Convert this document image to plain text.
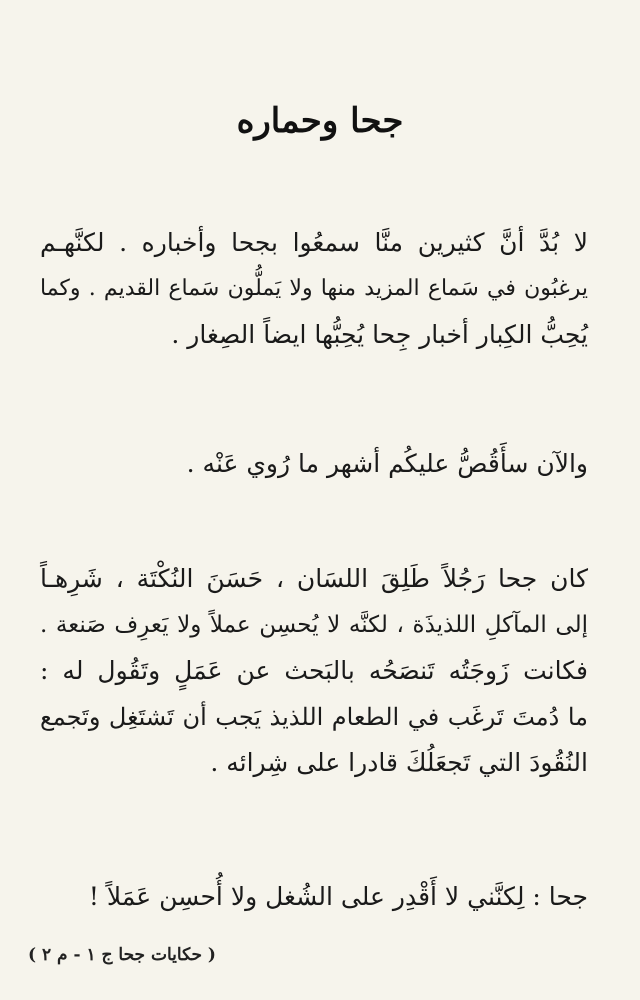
جحا وحماره
لا بُدَّ أنَّ كثيرين منَّا سمعُوا بجحا وأخباره . لكنَّهـم
يرغبُون في سَماع المزيد منها ولا يَملُّون سَماع القديم . وكما
يُحِبُّ الكِبار أخبار جِحا يُحِبُّها ايضاً الصِغار .
والآن سأَقُصُّ عليكُم أشهر ما رُوي عَنْه .
كان جحا رَجُلاً طَلِقَ اللسَان ، حَسَنَ النُكْتَة ، شَرِهـاً
إلى المآكلِ اللذيذَة ، لكنَّه لا يُحسِن عملاً ولا يَعرِف صَنعة .
فكانت زَوجَتُه تَنصَحُه بالبَحث عن عَمَلٍ وتَقُول له :
ما دُمتَ تَرغَب في الطعام اللذيذ يَجب أن تَشتَغِل وتَجمع
النُقُودَ التي تَجعَلُكَ قادرا على شِرائه .
جحا : لِكنَّني لا أَقْدِر على الشُغل ولا أُحسِن عَمَلاً !
( حكايات جحا ج ١ - م ٢ )
